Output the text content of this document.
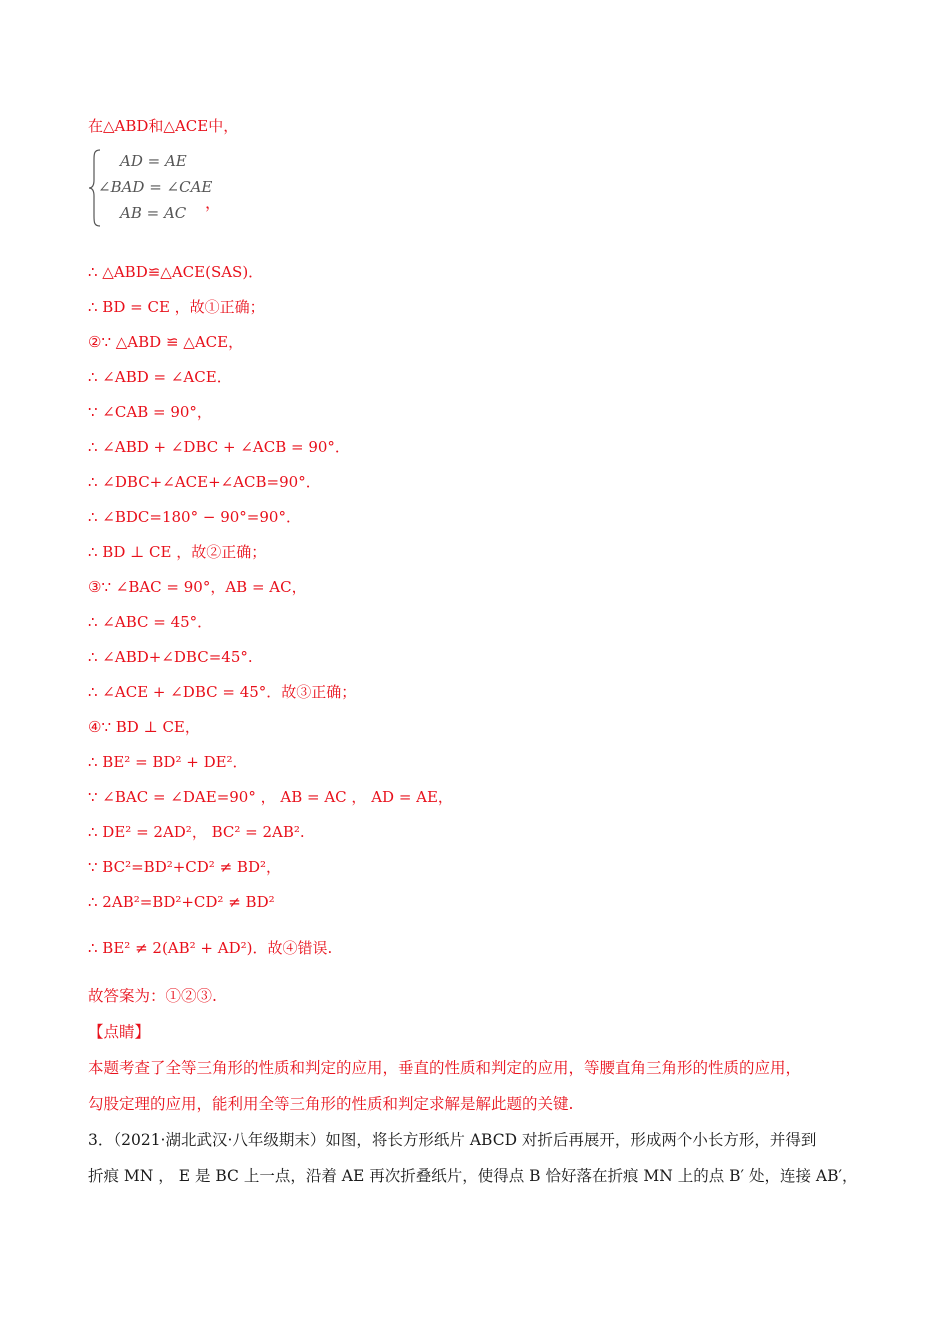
在△ABD和△ACE中，
AD = AE
∠BAD = ∠CAE
AB = AC
，
∴ △ABD≌△ACE(SAS)．
∴ BD = CE ，故①正确；
②∵ △ABD ≌ △ACE，
∴ ∠ABD = ∠ACE．
∵ ∠CAB = 90°，
∴ ∠ABD + ∠DBC + ∠ACB = 90°．
∴ ∠DBC+∠ACE+∠ACB=90°．
∴ ∠BDC=180° − 90°=90°．
∴ BD ⊥ CE ，故②正确；
③∵ ∠BAC = 90°，AB = AC，
∴ ∠ABC = 45°．
∴ ∠ABD+∠DBC=45°.
∴ ∠ACE + ∠DBC = 45°．故③正确；
④∵ BD ⊥ CE，
∴ BE² = BD² + DE²．
∵ ∠BAC = ∠DAE=90° ， AB = AC ， AD = AE，
∴ DE² = 2AD²， BC² = 2AB².
∵ BC²=BD²+CD² ≠ BD²，
∴ 2AB²=BD²+CD² ≠ BD²
∴ BE² ≠ 2(AB² + AD²)．故④错误.
故答案为：①②③.
【点睛】
本题考查了全等三角形的性质和判定的应用，垂直的性质和判定的应用，等腰直角三角形的性质的应用，
勾股定理的应用，能利用全等三角形的性质和判定求解是解此题的关键.
3．（2021·湖北武汉·八年级期末）如图，将长方形纸片 ABCD 对折后再展开，形成两个小长方形，并得到
折痕 MN ， E 是 BC 上一点，沿着 AE 再次折叠纸片，使得点 B 恰好落在折痕 MN 上的点 B′ 处，连接 AB′，
